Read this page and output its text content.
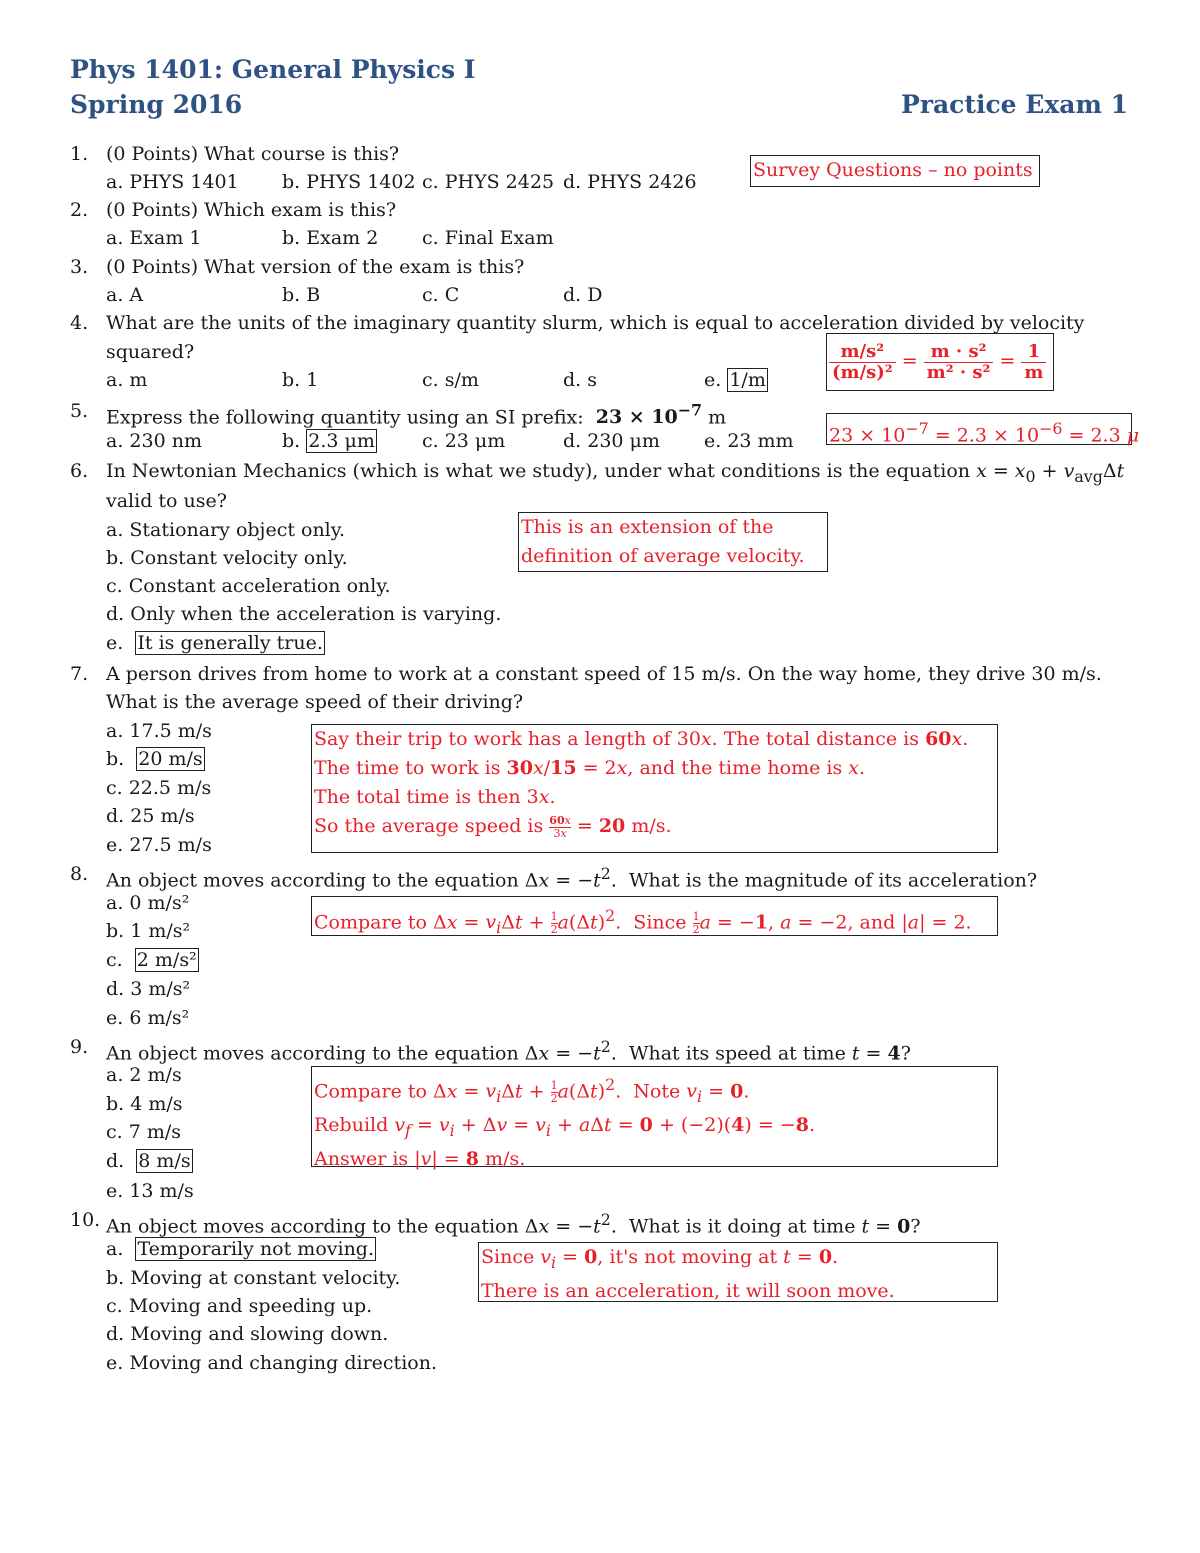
Phys 1401: General Physics I
Spring 2016	Practice Exam 1
1. (0 Points) What course is this?
a. PHYS 1401 b. PHYS 1402 c. PHYS 2425 d. PHYS 2426
Survey Questions – no points
2. (0 Points) Which exam is this?
a. Exam 1	b. Exam 2 c. Final Exam
3. (0 Points) What version of the exam is this?
a. A	b. B	c. C	d. D
4. What are the units of the imaginary quantity slurm, which is equal to acceleration divided by velocity
squared?
a. m	b. 1	c. s/m	d. s	e. 1/m	$\frac{\text{m/s²}}{\text{(m/s)²}} = \frac{\text{m · s²}}{\text{m² · s²}} = \frac{1}{m}$
5. Express the following quantity using an SI prefix: $23 \times 10^{-7}$ m
a. 230 nm	b. 2.3 μm c. 23 μm	d. 230 μm e. 23 mm $23 \times 10^{-7} = 2.3 \times 10^{-6} = 2.3$ μ
6. In Newtonian Mechanics (which is what we study), under what conditions is the equation $x = x_0 + v_{avg}\Delta t$
valid to use?
a. Stationary object only.
b. Constant velocity only.
c. Constant acceleration only.
d. Only when the acceleration is varying.
e. It is generally true.
This is an extension of the
definition of average velocity.
7. A person drives from home to work at a constant speed of 15 m/s. On the way home, they drive 30 m/s.
What is the average speed of their driving?
a. 17.5 m/s
b. 20 m/s
c. 22.5 m/s
d. 25 m/s
e. 27.5 m/s
Say their trip to work has a length of 30x. The total distance is 60x.
The time to work is 30x/15 = 2x, and the time home is x.
The total time is then 3x.
So the average speed is $\frac{60x}{3x} = 20$ m/s.
8. An object moves according to the equation $\Delta x = -t^2$.  What is the magnitude of its acceleration?
a. 0 m/s²
b. 1 m/s²
c. 2 m/s²
d. 3 m/s²
e. 6 m/s²
Compare to $\Delta x = v_i\Delta t + \frac{1}{2} a(\Delta t)^2$.  Since $\frac{1}{2}$ a = −1, a = −2, and |a| = 2.
9. An object moves according to the equation $\Delta x = -t^2$.  What its speed at time t = 4?
a. 2 m/s
b. 4 m/s
c. 7 m/s
d. 8 m/s
e. 13 m/s
Compare to $\Delta x = v_i\Delta t + \frac{1}{2} a(\Delta t)^2$.  Note $v_i = 0$.
Rebuild $v_f = v_i + \Delta v = v_i + a\Delta t = 0 + (-2)(4) = -8$.
Answer is |v| = 8 m/s.
10. An object moves according to the equation $\Delta x = -t^2$.  What is it doing at time t = 0?
a. Temporarily not moving.
b. Moving at constant velocity.
c. Moving and speeding up.
d. Moving and slowing down.
e. Moving and changing direction.
Since $v_i = 0$, it's not moving at t = 0.
There is an acceleration, it will soon move.
